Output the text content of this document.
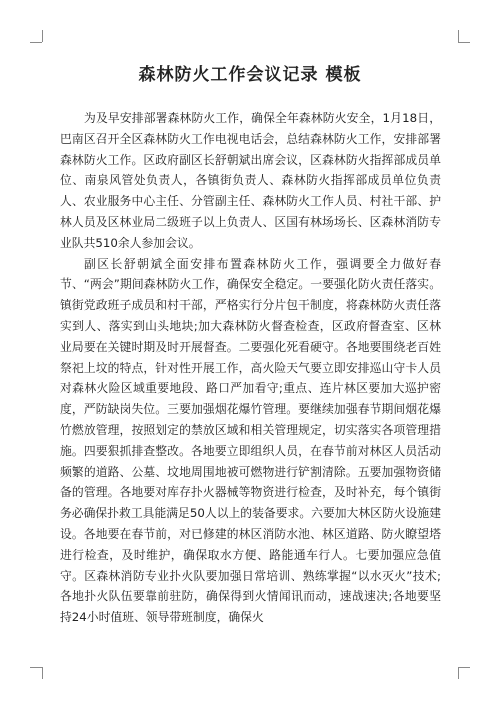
森林防火工作会议记录 模板

为及早安排部署森林防火工作，确保全年森林防火安全，1月18日，巴南区召开全区森林防火工作电视电话会，总结森林防火工作，安排部署森林防火工作。区政府副区长舒朝斌出席会议，区森林防火指挥部成员单位、南泉风管处负责人，各镇街负责人、森林防火指挥部成员单位负责人、农业服务中心主任、分管副主任、森林防火工作人员、村社干部、护林人员及区林业局二级班子以上负责人、区国有林场场长、区森林消防专业队共510余人参加会议。

副区长舒朝斌全面安排布置森林防火工作，强调要全力做好春节、“两会”期间森林防火工作，确保安全稳定。一要强化防火责任落实。镇街党政班子成员和村干部，严格实行分片包干制度，将森林防火责任落实到人、落实到山头地块;加大森林防火督查检查，区政府督查室、区林业局要在关键时期及时开展督查。二要强化死看硬守。各地要围绕老百姓祭祀上坟的特点，针对性开展工作，高火险天气要立即安排巡山守卡人员对森林火险区域重要地段、路口严加看守;重点、连片林区要加大巡护密度，严防缺岗失位。三要加强烟花爆竹管理。要继续加强春节期间烟花爆竹燃放管理，按照划定的禁放区域和相关管理规定，切实落实各项管理措施。四要狠抓排查整改。各地要立即组织人员，在春节前对林区人员活动频繁的道路、公墓、坟地周围地被可燃物进行铲割清除。五要加强物资储备的管理。各地要对库存扑火器械等物资进行检查，及时补充，每个镇街务必确保扑救工具能满足50人以上的装备要求。六要加大林区防火设施建设。各地要在春节前，对已修建的林区消防水池、林区道路、防火瞭望塔进行检查，及时维护，确保取水方便、路能通车行人。七要加强应急值守。区森林消防专业扑火队要加强日常培训、熟练掌握“以水灭火”技术;各地扑火队伍要靠前驻防，确保得到火情闻讯而动，速战速决;各地要坚持24小时值班、领导带班制度，确保火
